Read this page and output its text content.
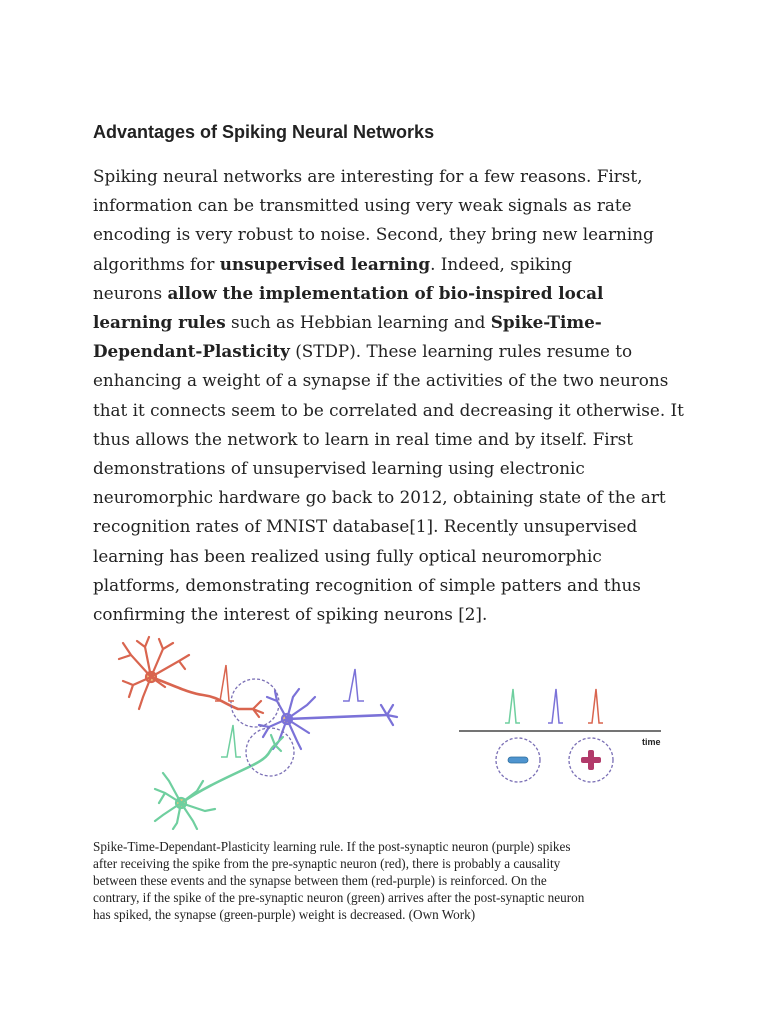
Advantages of Spiking Neural Networks
Spiking neural networks are interesting for a few reasons. First,
information can be transmitted using very weak signals as rate
encoding is very robust to noise. Second, they bring new learning
algorithms for unsupervised learning. Indeed, spiking
neurons allow the implementation of bio-inspired local
learning rules such as Hebbian learning and Spike-Time-
Dependant-Plasticity (STDP). These learning rules resume to
enhancing a weight of a synapse if the activities of the two neurons
that it connects seem to be correlated and decreasing it otherwise. It
thus allows the network to learn in real time and by itself. First
demonstrations of unsupervised learning using electronic
neuromorphic hardware go back to 2012, obtaining state of the art
recognition rates of MNIST database[1]. Recently unsupervised
learning has been realized using fully optical neuromorphic
platforms, demonstrating recognition of simple patters and thus
confirming the interest of spiking neurons [2].
time
Spike-Time-Dependant-Plasticity learning rule. If the post-synaptic neuron (purple) spikes
after receiving the spike from the pre-synaptic neuron (red), there is probably a causality
between these events and the synapse between them (red-purple) is reinforced. On the
contrary, if the spike of the pre-synaptic neuron (green) arrives after the post-synaptic neuron
has spiked, the synapse (green-purple) weight is decreased. (Own Work)
